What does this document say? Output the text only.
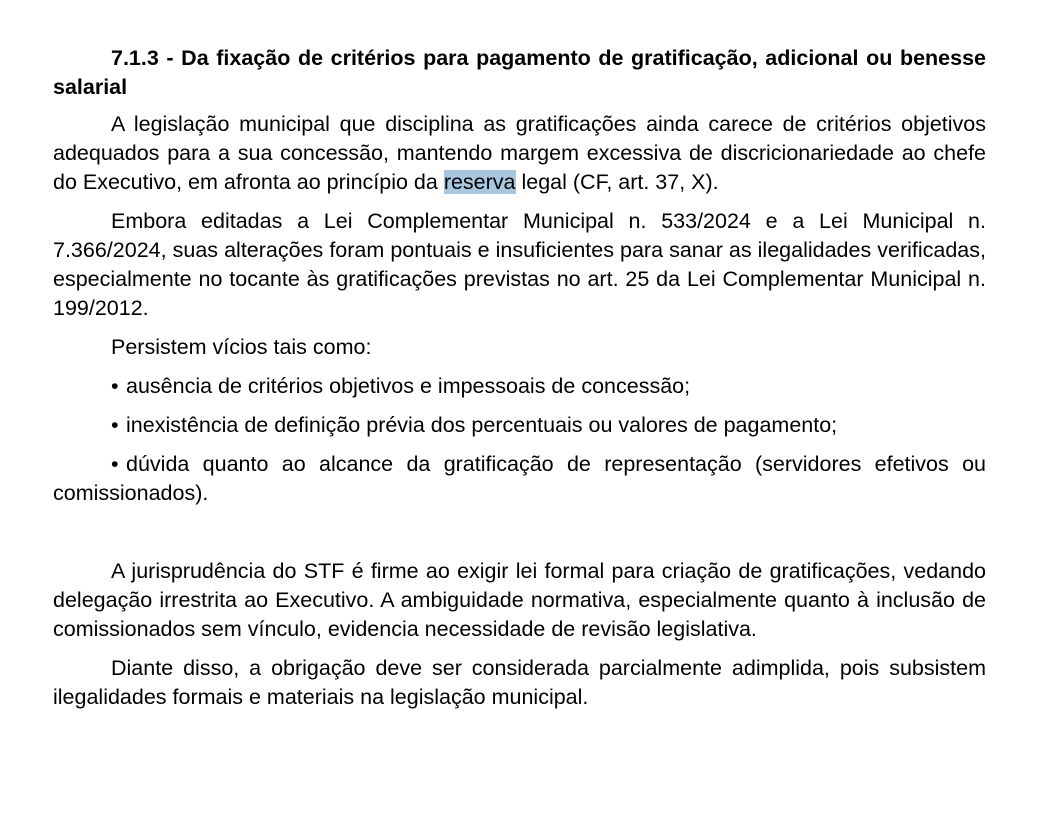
7.1.3 - Da fixação de critérios para pagamento de gratificação, adicional ou benesse salarial

A legislação municipal que disciplina as gratificações ainda carece de critérios objetivos adequados para a sua concessão, mantendo margem excessiva de discricionariedade ao chefe do Executivo, em afronta ao princípio da reserva legal (CF, art. 37, X).

Embora editadas a Lei Complementar Municipal n. 533/2024 e a Lei Municipal n. 7.366/2024, suas alterações foram pontuais e insuficientes para sanar as ilegalidades verificadas, especialmente no tocante às gratificações previstas no art. 25 da Lei Complementar Municipal n. 199/2012.

Persistem vícios tais como:

• ausência de critérios objetivos e impessoais de concessão;

• inexistência de definição prévia dos percentuais ou valores de pagamento;

• dúvida quanto ao alcance da gratificação de representação (servidores efetivos ou comissionados).

A jurisprudência do STF é firme ao exigir lei formal para criação de gratificações, vedando delegação irrestrita ao Executivo. A ambiguidade normativa, especialmente quanto à inclusão de comissionados sem vínculo, evidencia necessidade de revisão legislativa.

Diante disso, a obrigação deve ser considerada parcialmente adimplida, pois subsistem ilegalidades formais e materiais na legislação municipal.
